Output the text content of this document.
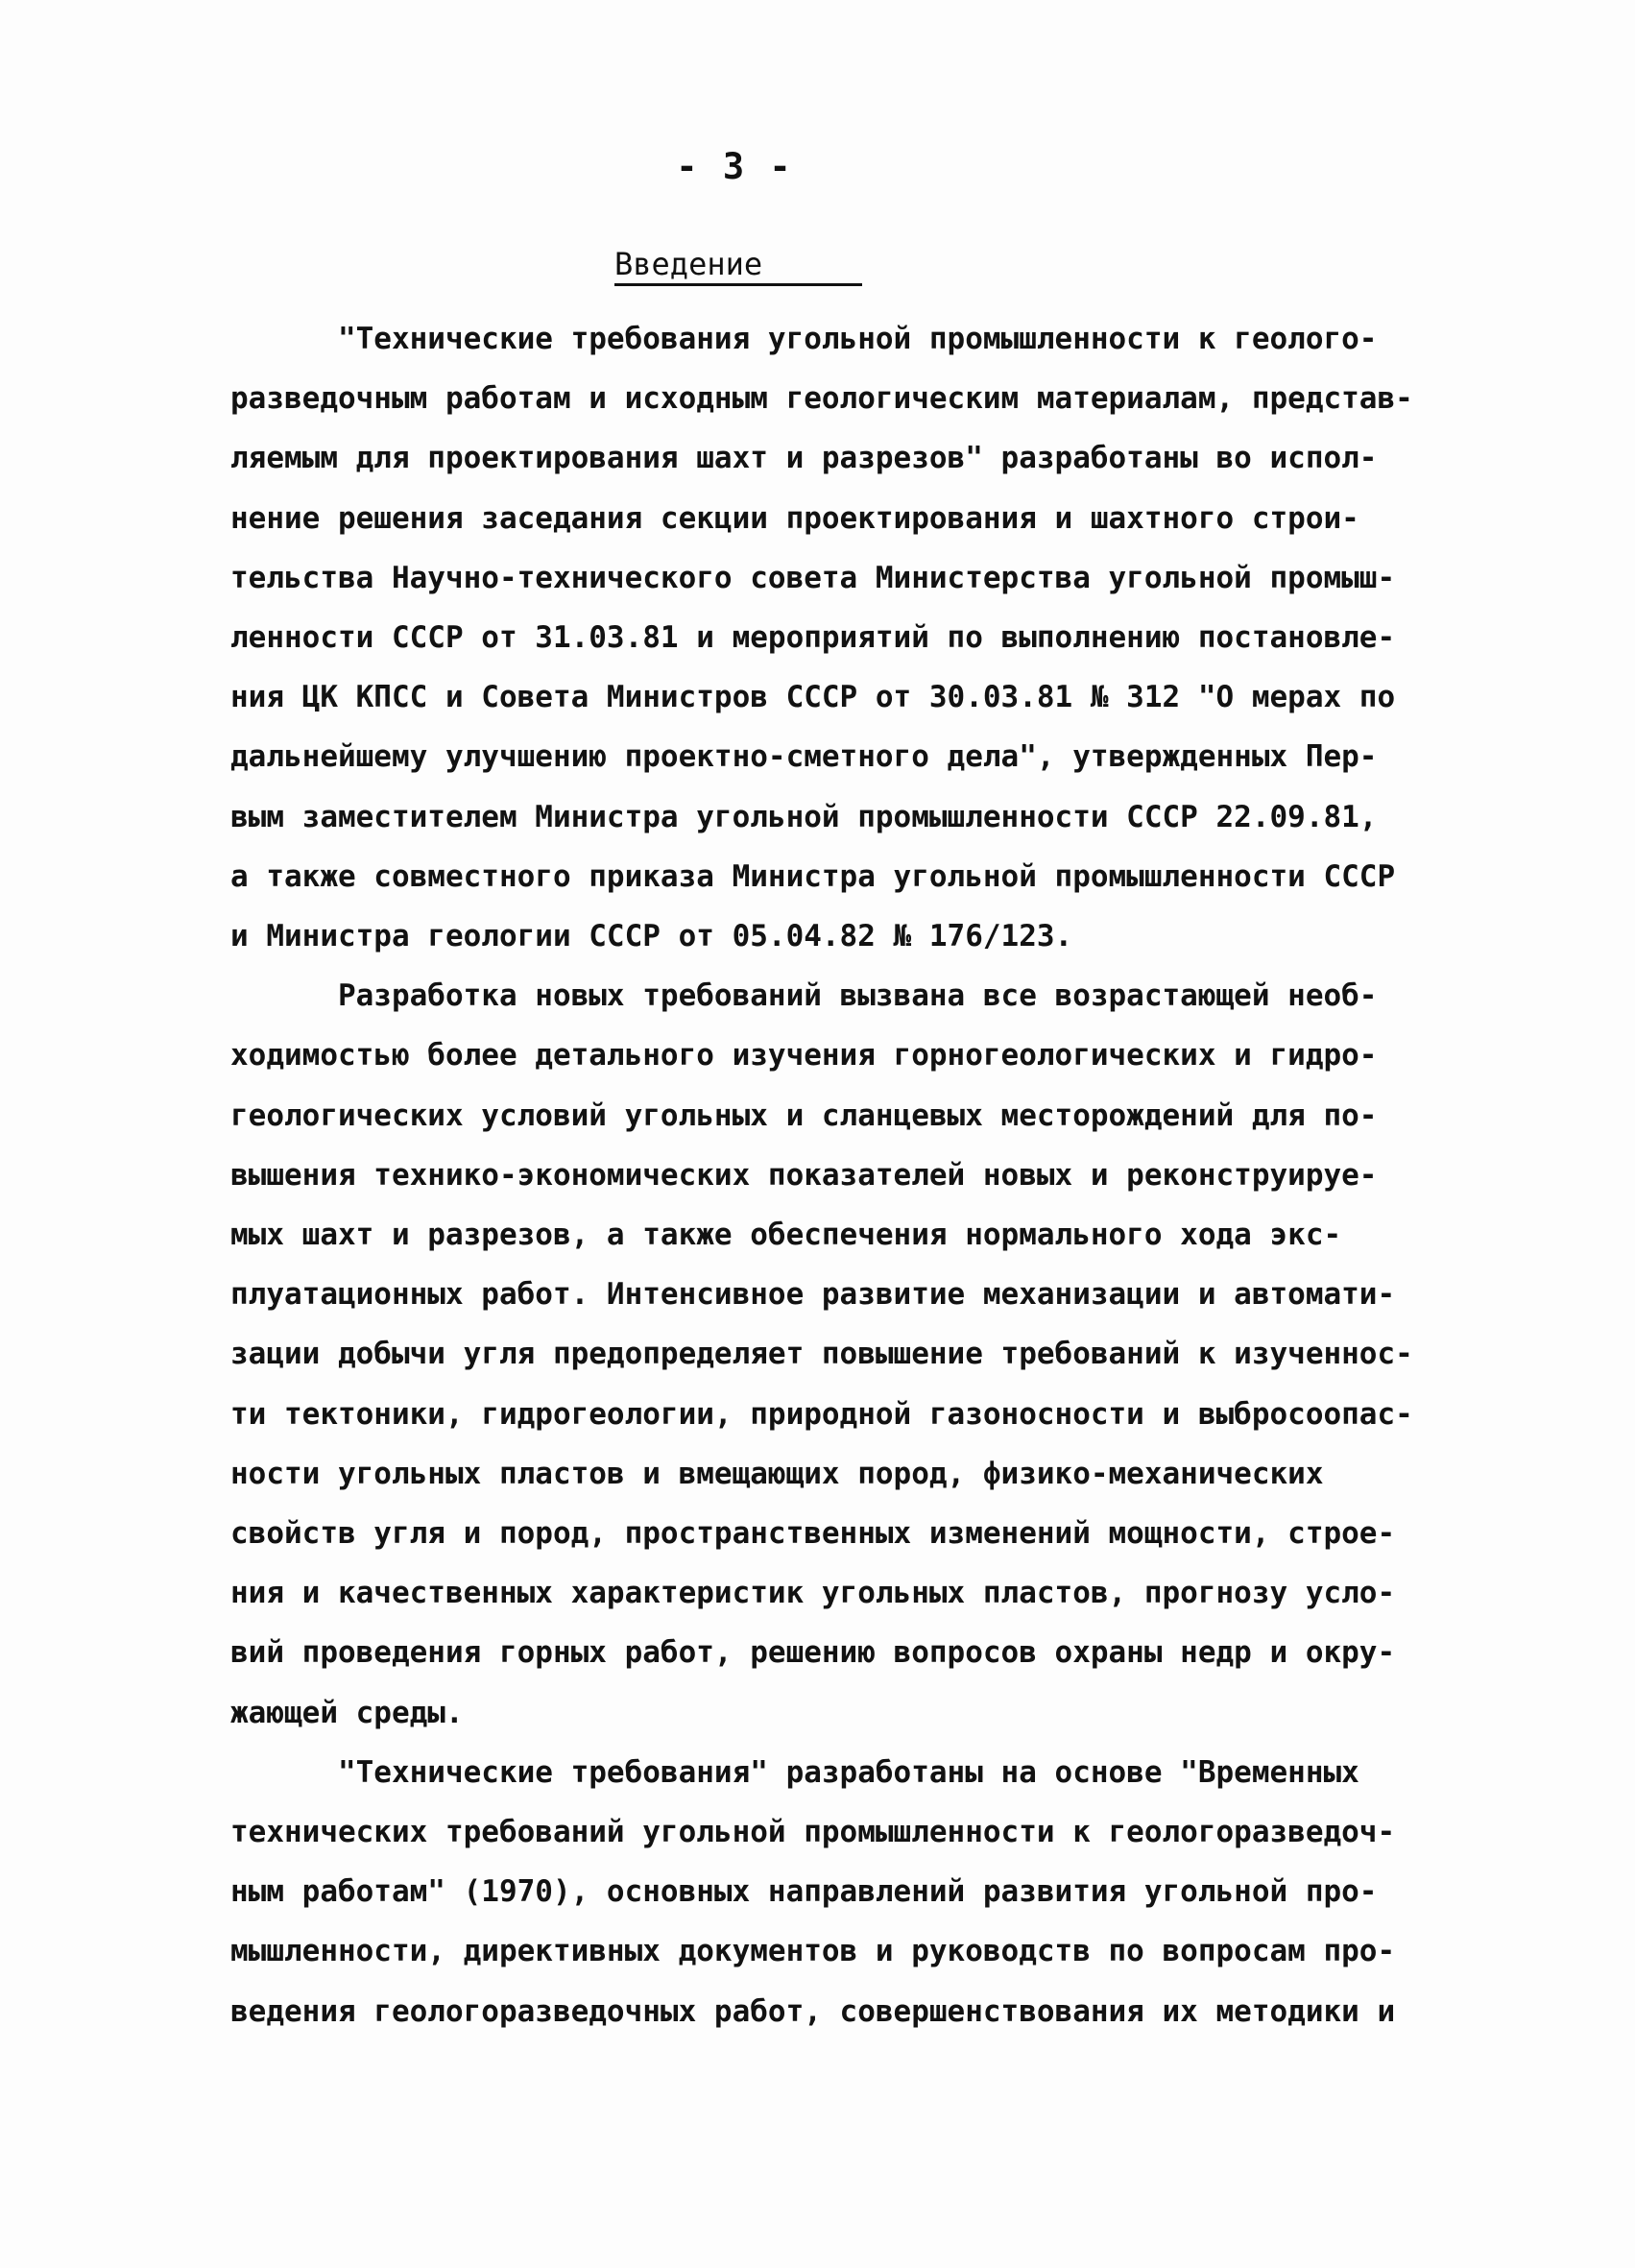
- 3 -
Введение
"Технические требования угольной промышленности к геолого-
разведочным работам и исходным геологическим материалам, представ-
ляемым для проектирования шахт и разрезов" разработаны во испол-
нение решения заседания секции проектирования и шахтного строи-
тельства Научно-технического совета Министерства угольной промыш-
ленности СССР от 31.03.81 и мероприятий по выполнению постановле-
ния ЦК КПСС и Совета Министров СССР от 30.03.81 № 312 "О мерах по
дальнейшему улучшению проектно-сметного дела", утвержденных Пер-
вым заместителем Министра угольной промышленности СССР 22.09.81,
а также совместного приказа Министра угольной промышленности СССР
и Министра геологии СССР от 05.04.82 № 176/123.
Разработка новых требований вызвана все возрастающей необ-
ходимостью более детального изучения горногеологических и гидро-
геологических условий угольных и сланцевых месторождений для по-
вышения технико-экономических показателей новых и реконструируе-
мых шахт и разрезов, а также обеспечения нормального хода экс-
плуатационных работ. Интенсивное развитие механизации и автомати-
зации добычи угля предопределяет повышение требований к изученнос-
ти тектоники, гидрогеологии, природной газоносности и выбросоопас-
ности угольных пластов и вмещающих пород, физико-механических
свойств угля и пород, пространственных изменений мощности, строе-
ния и качественных характеристик угольных пластов, прогнозу усло-
вий проведения горных работ, решению вопросов охраны недр и окру-
жающей среды.
"Технические требования" разработаны на основе "Временных
технических требований угольной промышленности к геологоразведоч-
ным работам" (1970), основных направлений развития угольной про-
мышленности, директивных документов и руководств по вопросам про-
ведения геологоразведочных работ, совершенствования их методики и
